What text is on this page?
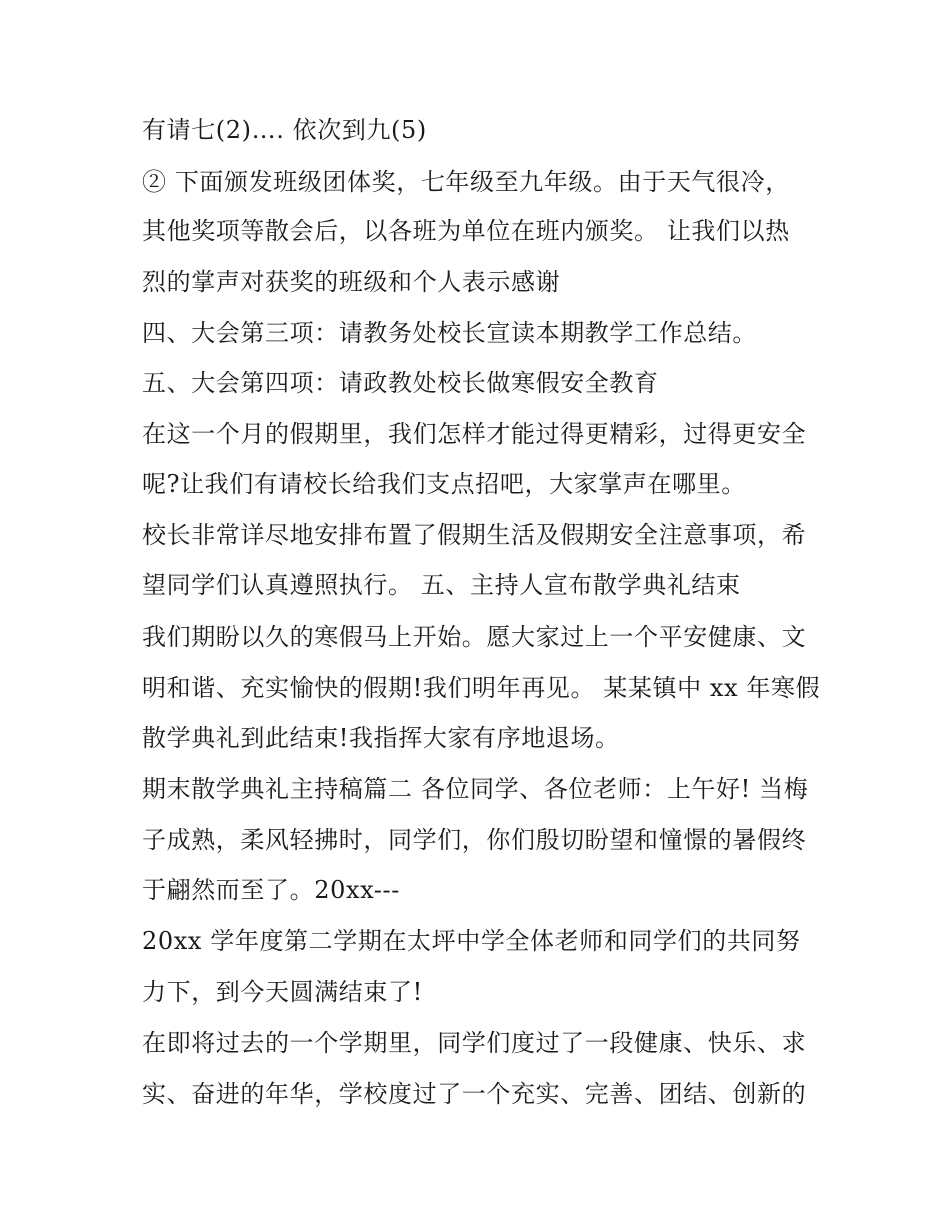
有请七(2)…. 依次到九(5)
② 下面颁发班级团体奖，七年级至九年级。由于天气很冷，
其他奖项等散会后，以各班为单位在班内颁奖。 让我们以热
烈的掌声对获奖的班级和个人表示感谢
四、大会第三项：请教务处校长宣读本期教学工作总结。
五、大会第四项：请政教处校长做寒假安全教育
在这一个月的假期里，我们怎样才能过得更精彩，过得更安全
呢?让我们有请校长给我们支点招吧，大家掌声在哪里。
校长非常详尽地安排布置了假期生活及假期安全注意事项，希
望同学们认真遵照执行。 五、主持人宣布散学典礼结束
我们期盼以久的寒假马上开始。愿大家过上一个平安健康、文
明和谐、充实愉快的假期!我们明年再见。 某某镇中 xx 年寒假
散学典礼到此结束!我指挥大家有序地退场。
期末散学典礼主持稿篇二 各位同学、各位老师：上午好! 当梅
子成熟，柔风轻拂时，同学们，你们殷切盼望和憧憬的暑假终
于翩然而至了。20xx---
20xx 学年度第二学期在太坪中学全体老师和同学们的共同努
力下，到今天圆满结束了!
在即将过去的一个学期里，同学们度过了一段健康、快乐、求
实、奋进的年华，学校度过了一个充实、完善、团结、创新的
